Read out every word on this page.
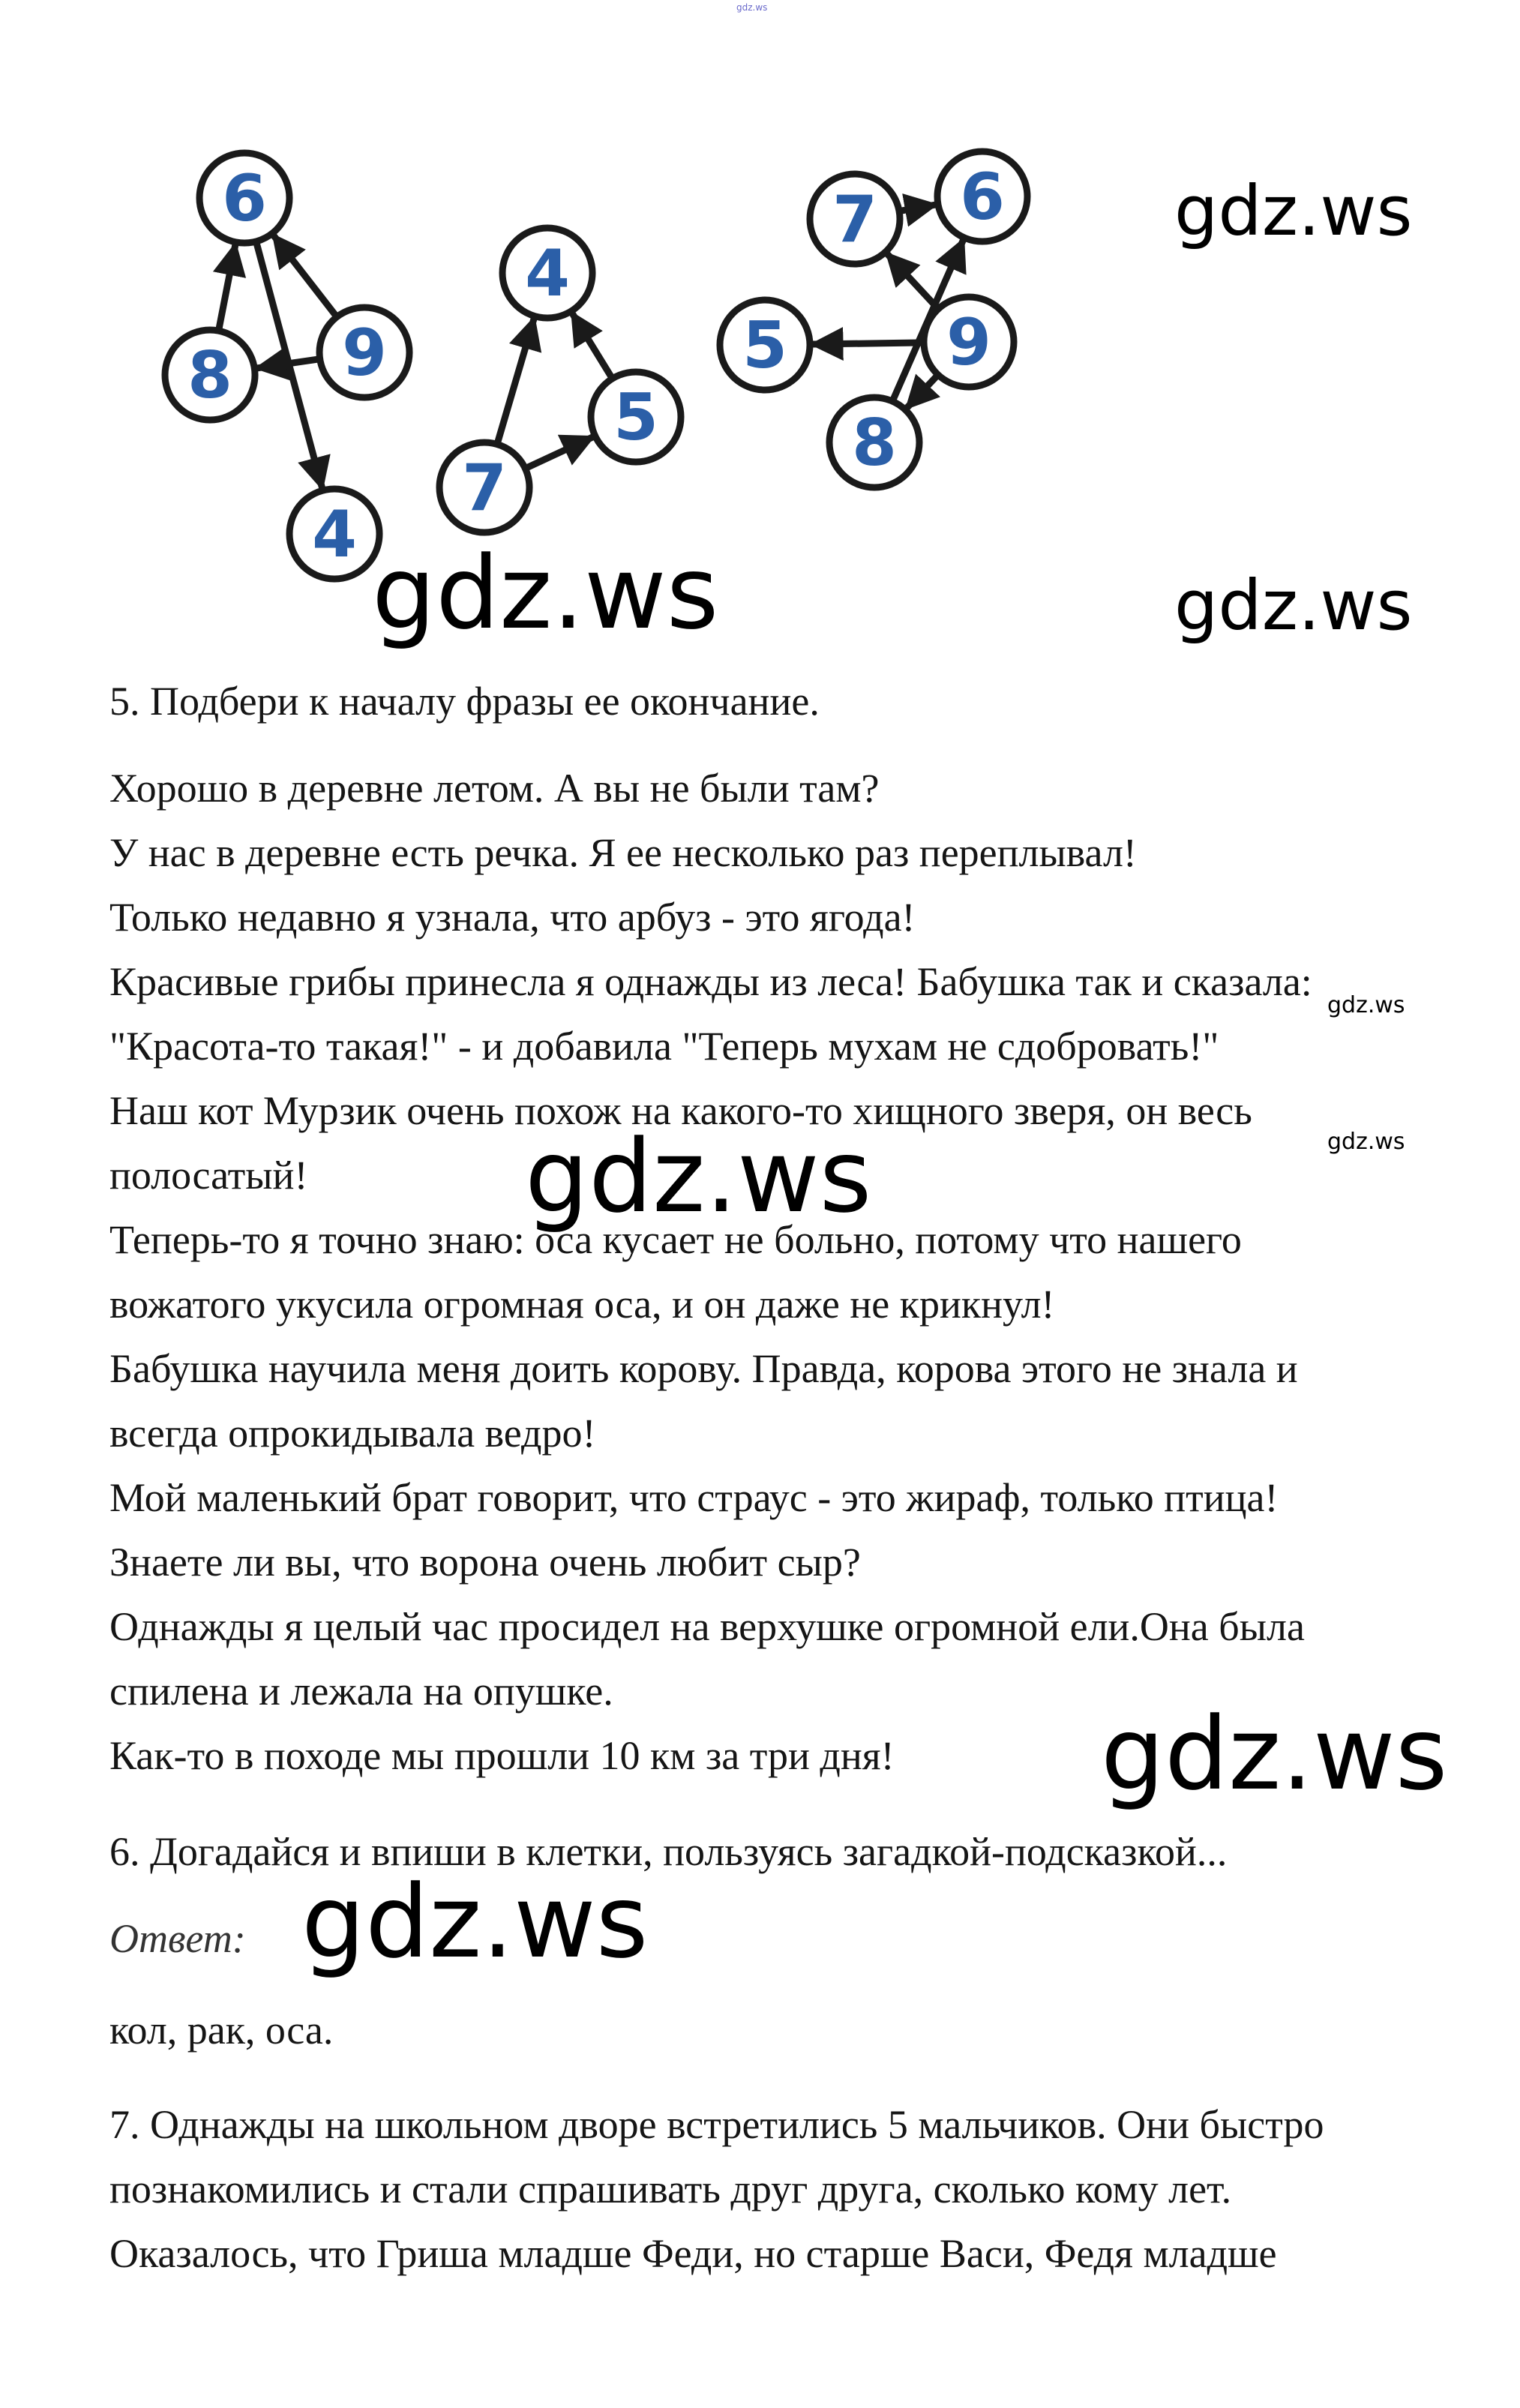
gdz.ws
6
8 9
4
4
7
5
7 6
5 9
8
gdz.ws
gdz.ws	gdz.ws
gdz.ws
gdz.ws
gdz.ws
gdz.ws
gdz.ws
5. Подбери к началу фразы ее окончание.
Хорошо в деревне летом. А вы не были там?
У нас в деревне есть речка. Я ее несколько раз переплывал!
Только недавно я узнала, что арбуз - это ягода!
Красивые грибы принесла я однажды из леса! Бабушка так и сказала:
"Красота-то такая!" - и добавила "Теперь мухам не сдобровать!"
Наш кот Мурзик очень похож на какого-то хищного зверя, он весь
полосатый!
Теперь-то я точно знаю: оса кусает не больно, потому что нашего
вожатого укусила огромная оса, и он даже не крикнул!
Бабушка научила меня доить корову. Правда, корова этого не знала и
всегда опрокидывала ведро!
Мой маленький брат говорит, что страус - это жираф, только птица!
Знаете ли вы, что ворона очень любит сыр?
Однажды я целый час просидел на верхушке огромной ели.Она была
спилена и лежала на опушке.
Как-то в походе мы прошли 10 км за три дня!
6. Догадайся и впиши в клетки, пользуясь загадкой-подсказкой...
Ответ:
кол, рак, оса.
7. Однажды на школьном дворе встретились 5 мальчиков. Они быстро
познакомились и стали спрашивать друг друга, сколько кому лет.
Оказалось, что Гриша младше Феди, но старше Васи, Федя младше
